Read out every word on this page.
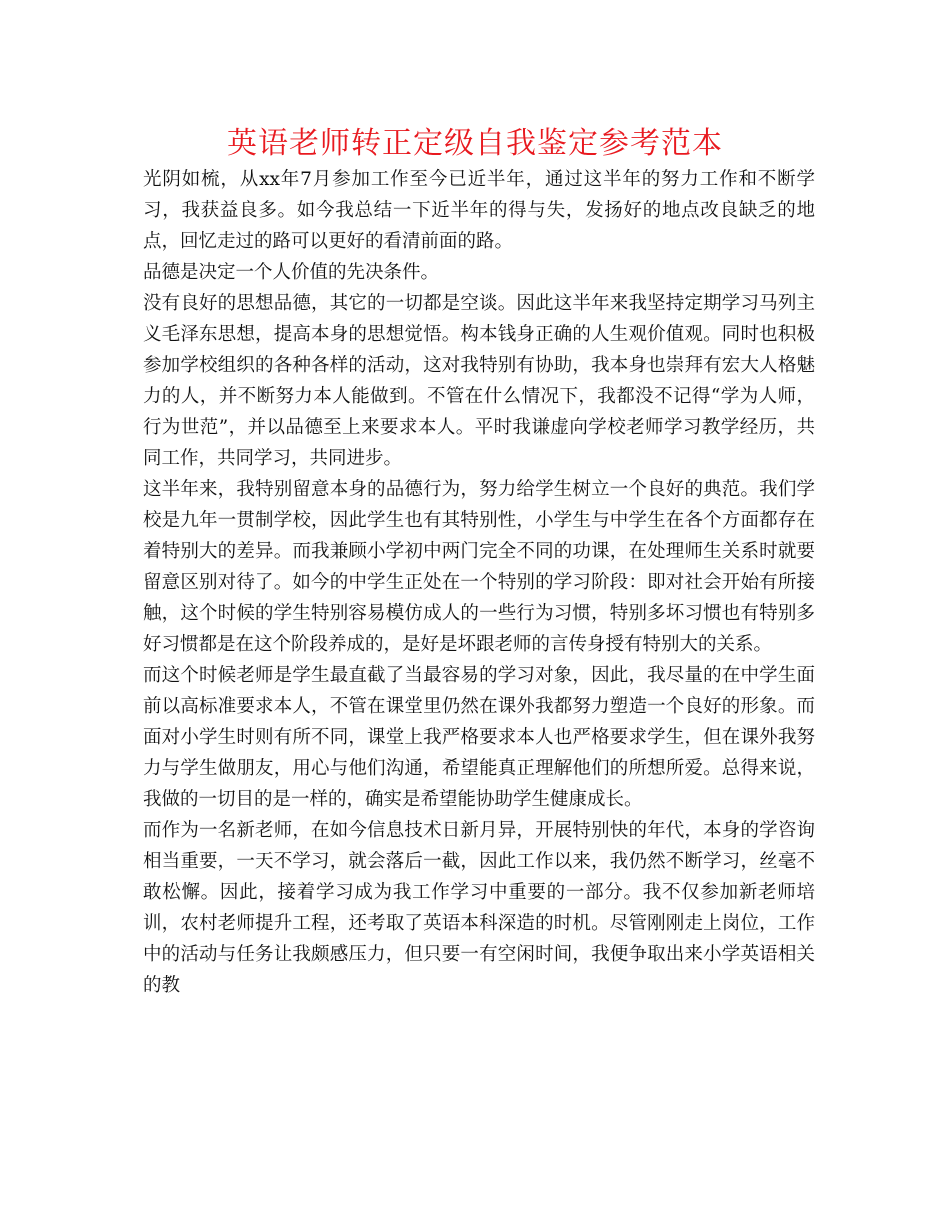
英语老师转正定级自我鉴定参考范本

光阴如梳，从xx年7月参加工作至今已近半年，通过这半年的努力工作和不断学习，我获益良多。如今我总结一下近半年的得与失，发扬好的地点改良缺乏的地点，回忆走过的路可以更好的看清前面的路。

品德是决定一个人价值的先决条件。

没有良好的思想品德，其它的一切都是空谈。因此这半年来我坚持定期学习马列主义毛泽东思想，提高本身的思想觉悟。构本钱身正确的人生观价值观。同时也积极参加学校组织的各种各样的活动，这对我特别有协助，我本身也崇拜有宏大人格魅力的人，并不断努力本人能做到。不管在什么情况下，我都没不记得“学为人师，行为世范”，并以品德至上来要求本人。平时我谦虚向学校老师学习教学经历，共同工作，共同学习，共同进步。

这半年来，我特别留意本身的品德行为，努力给学生树立一个良好的典范。我们学校是九年一贯制学校，因此学生也有其特别性，小学生与中学生在各个方面都存在着特别大的差异。而我兼顾小学初中两门完全不同的功课，在处理师生关系时就要留意区别对待了。如今的中学生正处在一个特别的学习阶段：即对社会开始有所接触，这个时候的学生特别容易模仿成人的一些行为习惯，特别多坏习惯也有特别多好习惯都是在这个阶段养成的，是好是坏跟老师的言传身授有特别大的关系。

而这个时候老师是学生最直截了当最容易的学习对象，因此，我尽量的在中学生面前以高标准要求本人，不管在课堂里仍然在课外我都努力塑造一个良好的形象。而面对小学生时则有所不同，课堂上我严格要求本人也严格要求学生，但在课外我努力与学生做朋友，用心与他们沟通，希望能真正理解他们的所想所爱。总得来说，我做的一切目的是一样的，确实是希望能协助学生健康成长。

而作为一名新老师，在如今信息技术日新月异，开展特别快的年代，本身的学咨询相当重要，一天不学习，就会落后一截，因此工作以来，我仍然不断学习，丝毫不敢松懈。因此，接着学习成为我工作学习中重要的一部分。我不仅参加新老师培训，农村老师提升工程，还考取了英语本科深造的时机。尽管刚刚走上岗位，工作中的活动与任务让我颇感压力，但只要一有空闲时间，我便争取出来小学英语相关的教
